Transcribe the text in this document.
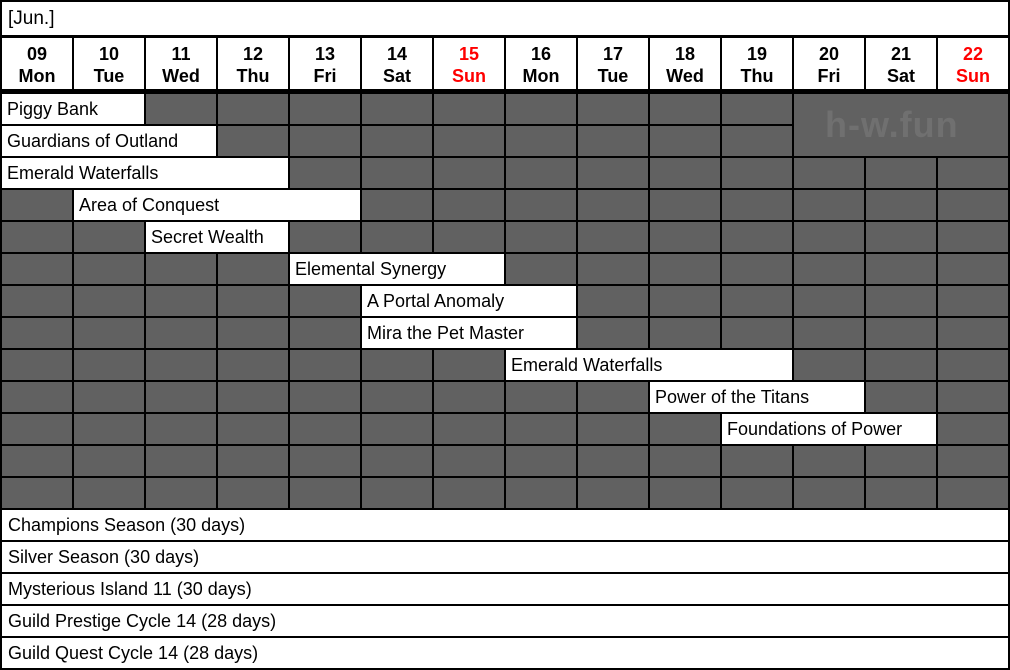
[Jun.]
09
Mon
10
Tue
11
Wed
12
Thu
13
Fri
14
Sat
15
Sun
16
Mon
17
Tue
18
Wed
19
Thu
20
Fri
21
Sat
22
Sun
Piggy Bank
Guardians of Outland
Emerald Waterfalls
Area of Conquest
Secret Wealth
Elemental Synergy
A Portal Anomaly
Mira the Pet Master
Emerald Waterfalls
Power of the Titans
Foundations of Power
h-w.fun
Champions Season (30 days)
Silver Season (30 days)
Mysterious Island 11 (30 days)
Guild Prestige Cycle 14 (28 days)
Guild Quest Cycle 14 (28 days)
